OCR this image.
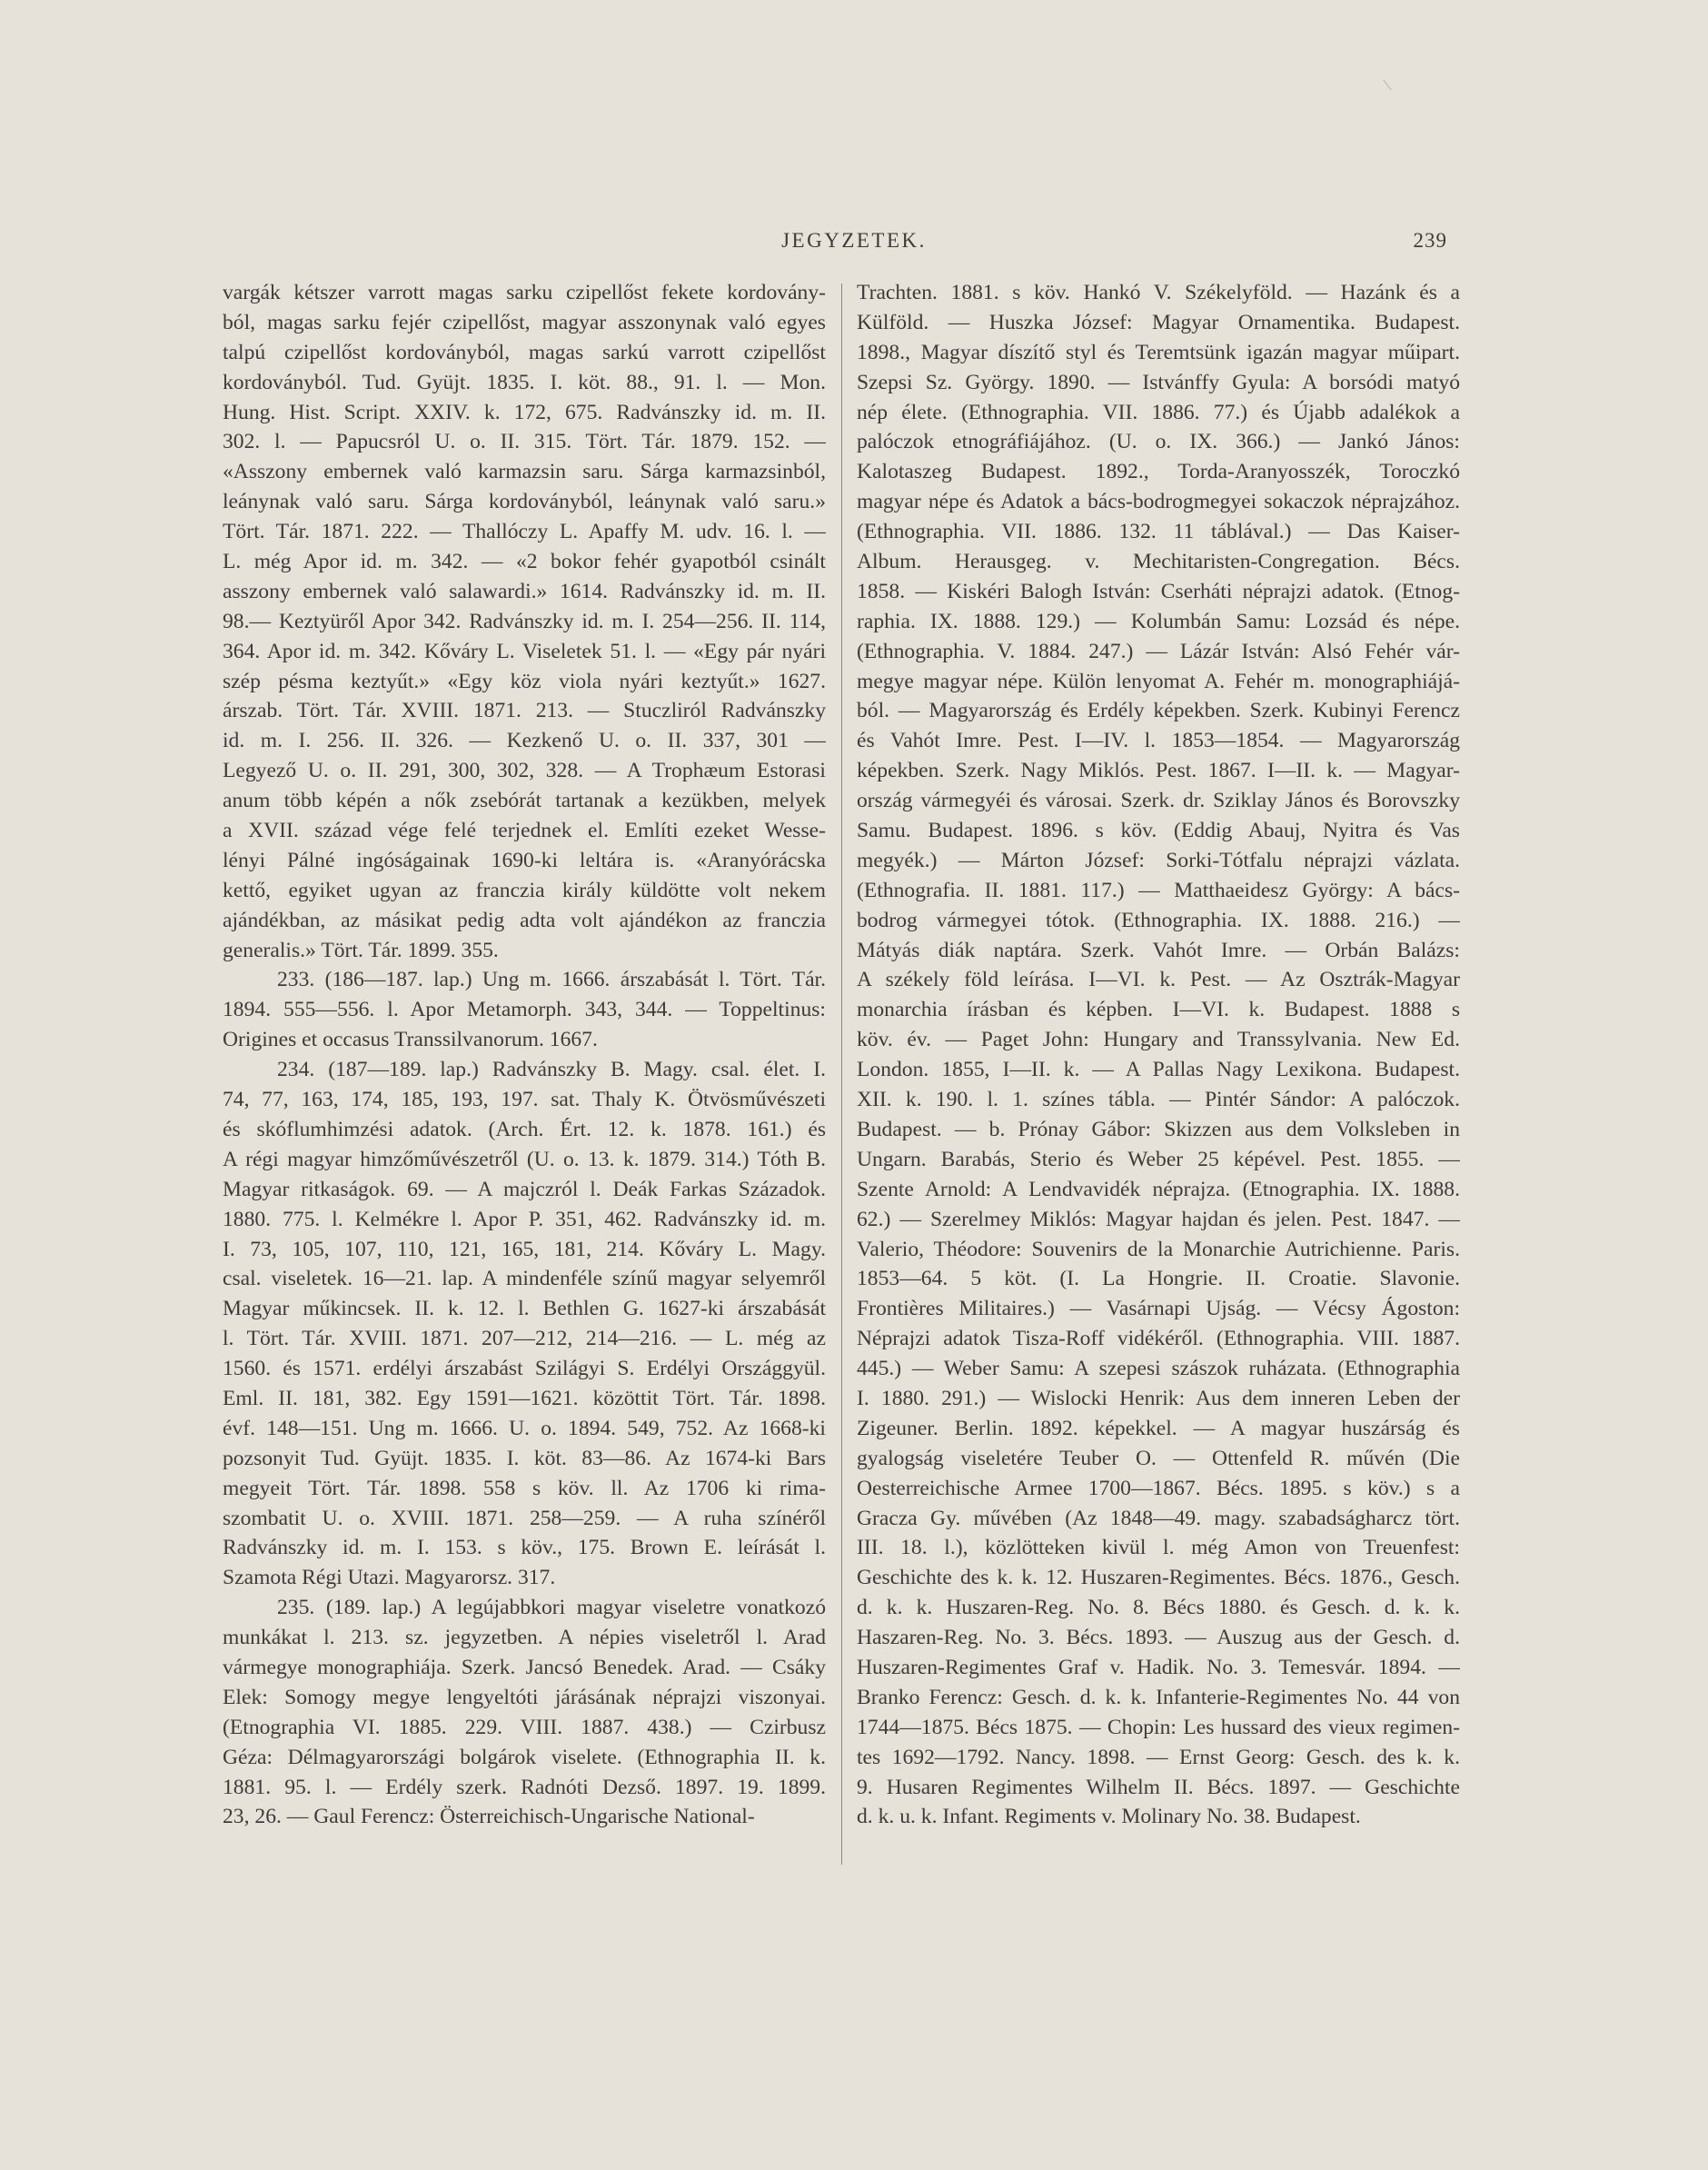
JEGYZETEK.	239
vargák kétszer varrott magas sarku czipellőst fekete kordovány-
ból, magas sarku fejér czipellőst, magyar asszonynak való egyes
talpú czipellőst kordoványból, magas sarkú varrott czipellőst
kordoványból. Tud. Gyüjt. 1835. I. köt. 88., 91. l. — Mon.
Hung. Hist. Script. XXIV. k. 172, 675. Radvánszky id. m. II.
302. l. — Papucsról U. o. II. 315. Tört. Tár. 1879. 152. —
«Asszony embernek való karmazsin saru. Sárga karmazsinból,
leánynak való saru. Sárga kordoványból, leánynak való saru.»
Tört. Tár. 1871. 222. — Thallóczy L. Apaffy M. udv. 16. l. —
L. még Apor id. m. 342. — «2 bokor fehér gyapotból csinált
asszony embernek való salawardi.» 1614. Radvánszky id. m. II.
98.— Keztyüről Apor 342. Radvánszky id. m. I. 254—256. II. 114,
364. Apor id. m. 342. Kőváry L. Viseletek 51. l. — «Egy pár nyári
szép pésma keztyűt.» «Egy köz viola nyári keztyűt.» 1627.
árszab. Tört. Tár. XVIII. 1871. 213. — Stuczliról Radvánszky
id. m. I. 256. II. 326. — Kezkenő U. o. II. 337, 301 —
Legyező U. o. II. 291, 300, 302, 328. — A Trophæum Estorasi
anum több képén a nők zsebórát tartanak a kezükben, melyek
a XVII. század vége felé terjednek el. Említi ezeket Wesse-
lényi Pálné ingóságainak 1690-ki leltára is. «Aranyórácska
kettő, egyiket ugyan az franczia király küldötte volt nekem
ajándékban, az másikat pedig adta volt ajándékon az franczia
generalis.» Tört. Tár. 1899. 355.
233. (186—187. lap.) Ung m. 1666. árszabását l. Tört. Tár.
1894. 555—556. l. Apor Metamorph. 343, 344. — Toppeltinus:
Origines et occasus Transsilvanorum. 1667.
234. (187—189. lap.) Radvánszky B. Magy. csal. élet. I.
74, 77, 163, 174, 185, 193, 197. sat. Thaly K. Ötvösművészeti
és skóflumhimzési adatok. (Arch. Ért. 12. k. 1878. 161.) és
A régi magyar himzőművészetről (U. o. 13. k. 1879. 314.) Tóth B.
Magyar ritkaságok. 69. — A majczról l. Deák Farkas Századok.
1880. 775. l. Kelmékre l. Apor P. 351, 462. Radvánszky id. m.
I. 73, 105, 107, 110, 121, 165, 181, 214. Kőváry L. Magy.
csal. viseletek. 16—21. lap. A mindenféle színű magyar selyemről
Magyar műkincsek. II. k. 12. l. Bethlen G. 1627-ki árszabását
l. Tört. Tár. XVIII. 1871. 207—212, 214—216. — L. még az
1560. és 1571. erdélyi árszabást Szilágyi S. Erdélyi Országgyül.
Eml. II. 181, 382. Egy 1591—1621. közöttit Tört. Tár. 1898.
évf. 148—151. Ung m. 1666. U. o. 1894. 549, 752. Az 1668-ki
pozsonyit Tud. Gyüjt. 1835. I. köt. 83—86. Az 1674-ki Bars
megyeit Tört. Tár. 1898. 558 s köv. ll. Az 1706 ki rima-
szombatit U. o. XVIII. 1871. 258—259. — A ruha színéről
Radvánszky id. m. I. 153. s köv., 175. Brown E. leírását l.
Szamota Régi Utazi. Magyarorsz. 317.
235. (189. lap.) A legújabbkori magyar viseletre vonatkozó
munkákat l. 213. sz. jegyzetben. A népies viseletről l. Arad
vármegye monographiája. Szerk. Jancsó Benedek. Arad. — Csáky
Elek: Somogy megye lengyeltóti járásának néprajzi viszonyai.
(Etnographia VI. 1885. 229. VIII. 1887. 438.) — Czirbusz
Géza: Délmagyarországi bolgárok viselete. (Ethnographia II. k.
1881. 95. l. — Erdély szerk. Radnóti Dezső. 1897. 19. 1899.
23, 26. — Gaul Ferencz: Österreichisch-Ungarische National-
Trachten. 1881. s köv. Hankó V. Székelyföld. — Hazánk és a
Külföld. — Huszka József: Magyar Ornamentika. Budapest.
1898., Magyar díszítő styl és Teremtsünk igazán magyar műipart.
Szepsi Sz. György. 1890. — Istvánffy Gyula: A borsódi matyó
nép élete. (Ethnographia. VII. 1886. 77.) és Újabb adalékok a
palóczok etnográfiájához. (U. o. IX. 366.) — Jankó János:
Kalotaszeg Budapest. 1892., Torda-Aranyosszék, Toroczkó
magyar népe és Adatok a bács-bodrogmegyei sokaczok néprajzához.
(Ethnographia. VII. 1886. 132. 11 táblával.) — Das Kaiser-
Album. Herausgeg. v. Mechitaristen-Congregation. Bécs.
1858. — Kiskéri Balogh István: Cserháti néprajzi adatok. (Etnog-
raphia. IX. 1888. 129.) — Kolumbán Samu: Lozsád és népe.
(Ethnographia. V. 1884. 247.) — Lázár István: Alsó Fehér vár-
megye magyar népe. Külön lenyomat A. Fehér m. monographiájá-
ból. — Magyarország és Erdély képekben. Szerk. Kubinyi Ferencz
és Vahót Imre. Pest. I—IV. l. 1853—1854. — Magyarország
képekben. Szerk. Nagy Miklós. Pest. 1867. I—II. k. — Magyar-
ország vármegyéi és városai. Szerk. dr. Sziklay János és Borovszky
Samu. Budapest. 1896. s köv. (Eddig Abauj, Nyitra és Vas
megyék.) — Márton József: Sorki-Tótfalu néprajzi vázlata.
(Ethnografia. II. 1881. 117.) — Matthaeidesz György: A bács-
bodrog vármegyei tótok. (Ethnographia. IX. 1888. 216.) —
Mátyás diák naptára. Szerk. Vahót Imre. — Orbán Balázs:
A székely föld leírása. I—VI. k. Pest. — Az Osztrák-Magyar
monarchia írásban és képben. I—VI. k. Budapest. 1888 s
köv. év. — Paget John: Hungary and Transsylvania. New Ed.
London. 1855, I—II. k. — A Pallas Nagy Lexikona. Budapest.
XII. k. 190. l. 1. színes tábla. — Pintér Sándor: A palóczok.
Budapest. — b. Prónay Gábor: Skizzen aus dem Volksleben in
Ungarn. Barabás, Sterio és Weber 25 képével. Pest. 1855. —
Szente Arnold: A Lendvavidék néprajza. (Etnographia. IX. 1888.
62.) — Szerelmey Miklós: Magyar hajdan és jelen. Pest. 1847. —
Valerio, Théodore: Souvenirs de la Monarchie Autrichienne. Paris.
1853—64. 5 köt. (I. La Hongrie. II. Croatie. Slavonie.
Frontières Militaires.) — Vasárnapi Ujság. — Vécsy Ágoston:
Néprajzi adatok Tisza-Roff vidékéről. (Ethnographia. VIII. 1887.
445.) — Weber Samu: A szepesi szászok ruházata. (Ethnographia
I. 1880. 291.) — Wislocki Henrik: Aus dem inneren Leben der
Zigeuner. Berlin. 1892. képekkel. — A magyar huszárság és
gyalogság viseletére Teuber O. — Ottenfeld R. művén (Die
Oesterreichische Armee 1700—1867. Bécs. 1895. s köv.) s a
Gracza Gy. művében (Az 1848—49. magy. szabadságharcz tört.
III. 18. l.), közlötteken kivül l. még Amon von Treuenfest:
Geschichte des k. k. 12. Huszaren-Regimentes. Bécs. 1876., Gesch.
d. k. k. Huszaren-Reg. No. 8. Bécs 1880. és Gesch. d. k. k.
Haszaren-Reg. No. 3. Bécs. 1893. — Auszug aus der Gesch. d.
Huszaren-Regimentes Graf v. Hadik. No. 3. Temesvár. 1894. —
Branko Ferencz: Gesch. d. k. k. Infanterie-Regimentes No. 44 von
1744—1875. Bécs 1875. — Chopin: Les hussard des vieux regimen-
tes 1692—1792. Nancy. 1898. — Ernst Georg: Gesch. des k. k.
9. Husaren Regimentes Wilhelm II. Bécs. 1897. — Geschichte
d. k. u. k. Infant. Regiments v. Molinary No. 38. Budapest.
